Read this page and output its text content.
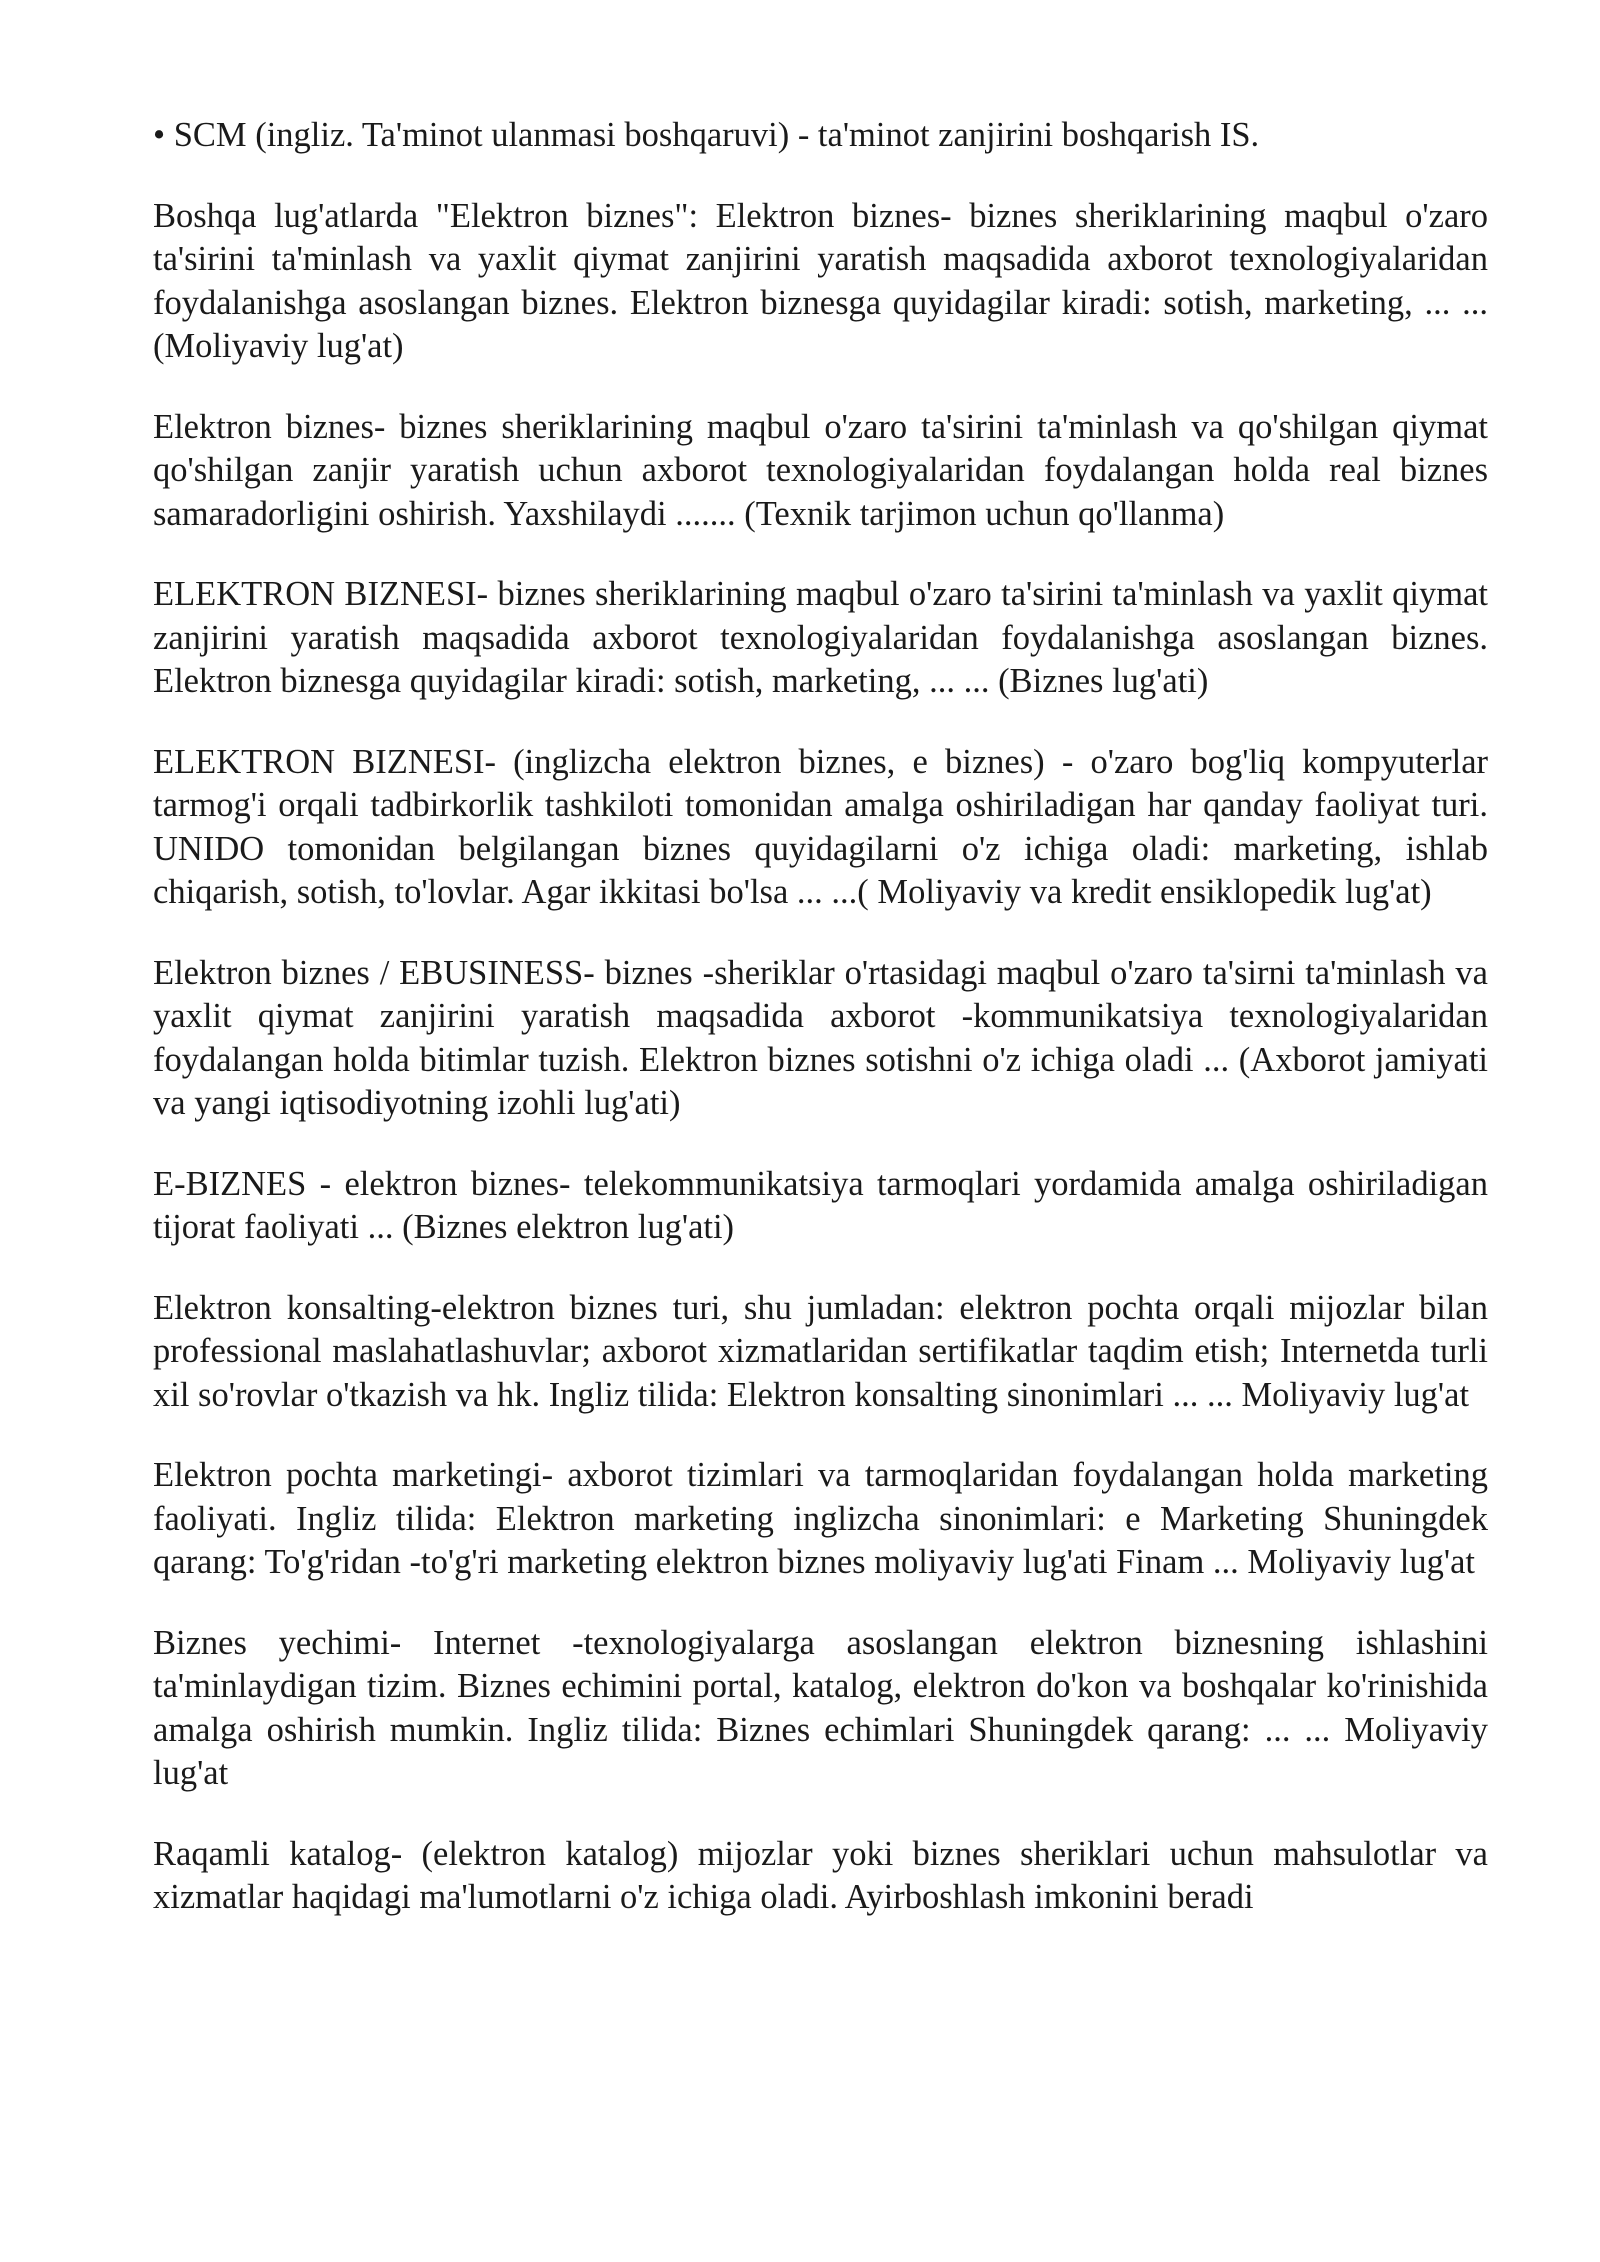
• SCM (ingliz. Ta'minot ulanmasi boshqaruvi) - ta'minot zanjirini boshqarish IS.

Boshqa lug'atlarda "Elektron biznes": Elektron biznes- biznes sheriklarining maqbul o'zaro ta'sirini ta'minlash va yaxlit qiymat zanjirini yaratish maqsadida axborot texnologiyalaridan foydalanishga asoslangan biznes. Elektron biznesga quyidagilar kiradi: sotish, marketing, ... ... (Moliyaviy lug'at)

Elektron biznes- biznes sheriklarining maqbul o'zaro ta'sirini ta'minlash va qo'shilgan qiymat qo'shilgan zanjir yaratish uchun axborot texnologiyalaridan foydalangan holda real biznes samaradorligini oshirish. Yaxshilaydi ....... (Texnik tarjimon uchun qo'llanma)

ELEKTRON BIZNESI- biznes sheriklarining maqbul o'zaro ta'sirini ta'minlash va yaxlit qiymat zanjirini yaratish maqsadida axborot texnologiyalaridan foydalanishga asoslangan biznes. Elektron biznesga quyidagilar kiradi: sotish, marketing, ... ... (Biznes lug'ati)

ELEKTRON BIZNESI- (inglizcha elektron biznes, e biznes) - o'zaro bog'liq kompyuterlar tarmog'i orqali tadbirkorlik tashkiloti tomonidan amalga oshiriladigan har qanday faoliyat turi. UNIDO tomonidan belgilangan biznes quyidagilarni o'z ichiga oladi: marketing, ishlab chiqarish, sotish, to'lovlar. Agar ikkitasi bo'lsa ... ...( Moliyaviy va kredit ensiklopedik lug'at)

Elektron biznes / EBUSINESS- biznes -sheriklar o'rtasidagi maqbul o'zaro ta'sirni ta'minlash va yaxlit qiymat zanjirini yaratish maqsadida axborot -kommunikatsiya texnologiyalaridan foydalangan holda bitimlar tuzish. Elektron biznes sotishni o'z ichiga oladi ... (Axborot jamiyati va yangi iqtisodiyotning izohli lug'ati)

E-BIZNES - elektron biznes- telekommunikatsiya tarmoqlari yordamida amalga oshiriladigan tijorat faoliyati ... (Biznes elektron lug'ati)

Elektron konsalting-elektron biznes turi, shu jumladan: elektron pochta orqali mijozlar bilan professional maslahatlashuvlar; axborot xizmatlaridan sertifikatlar taqdim etish; Internetda turli xil so'rovlar o'tkazish va hk. Ingliz tilida: Elektron konsalting sinonimlari ... ... Moliyaviy lug'at

Elektron pochta marketingi- axborot tizimlari va tarmoqlaridan foydalangan holda marketing faoliyati. Ingliz tilida: Elektron marketing inglizcha sinonimlari: e Marketing Shuningdek qarang: To'g'ridan -to'g'ri marketing elektron biznes moliyaviy lug'ati Finam ... Moliyaviy lug'at

Biznes yechimi- Internet -texnologiyalarga asoslangan elektron biznesning ishlashini ta'minlaydigan tizim. Biznes echimini portal, katalog, elektron do'kon va boshqalar ko'rinishida amalga oshirish mumkin. Ingliz tilida: Biznes echimlari Shuningdek qarang: ... ... Moliyaviy lug'at

Raqamli katalog- (elektron katalog) mijozlar yoki biznes sheriklari uchun mahsulotlar va xizmatlar haqidagi ma'lumotlarni o'z ichiga oladi. Ayirboshlash imkonini beradi
